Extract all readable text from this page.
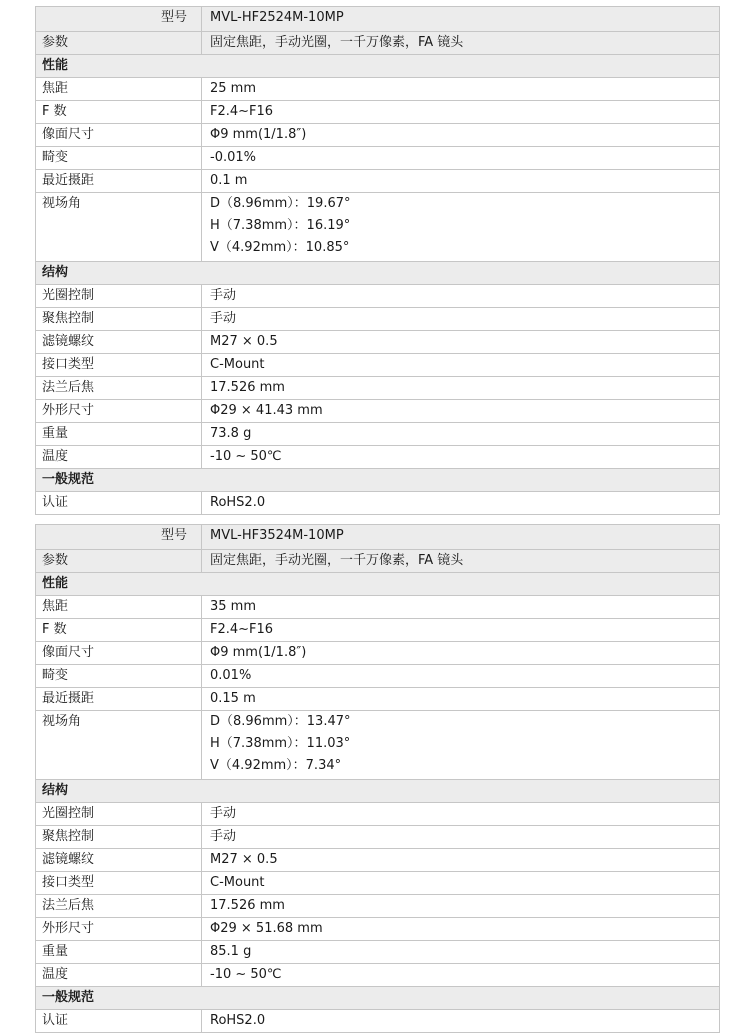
型号	MVL-HF2524M-10MP
参数	固定焦距，手动光圈，一千万像素，FA 镜头
性能
焦距	25 mm
F 数	F2.4~F16
像面尺寸	Φ9 mm(1/1.8″)
畸变	-0.01%
最近摄距	0.1 m
视场角	D（8.96mm）：19.67°
H（7.38mm）：16.19°
V（4.92mm）：10.85°
结构
光圈控制	手动
聚焦控制	手动
滤镜螺纹	M27 × 0.5
接口类型	C-Mount
法兰后焦	17.526 mm
外形尺寸	Φ29 × 41.43 mm
重量	73.8 g
温度	-10 ~ 50℃
一般规范
认证	RoHS2.0
型号	MVL-HF3524M-10MP
参数	固定焦距，手动光圈，一千万像素，FA 镜头
性能
焦距	35 mm
F 数	F2.4~F16
像面尺寸	Φ9 mm(1/1.8″)
畸变	0.01%
最近摄距	0.15 m
视场角	D（8.96mm）：13.47°
H（7.38mm）：11.03°
V（4.92mm）：7.34°
结构
光圈控制	手动
聚焦控制	手动
滤镜螺纹	M27 × 0.5
接口类型	C-Mount
法兰后焦	17.526 mm
外形尺寸	Φ29 × 51.68 mm
重量	85.1 g
温度	-10 ~ 50℃
一般规范
认证	RoHS2.0
